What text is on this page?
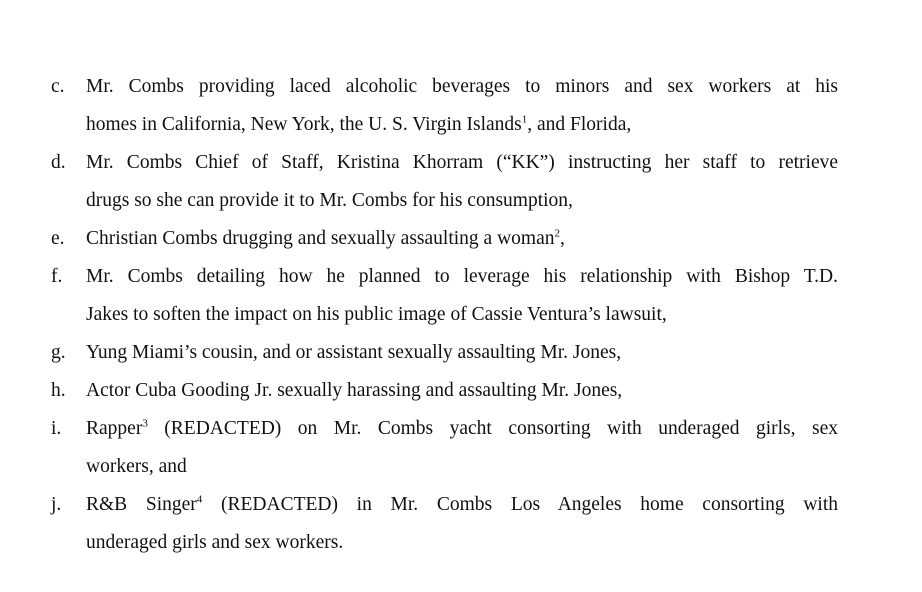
c. Mr. Combs providing laced alcoholic beverages to minors and sex workers at his
homes in California, New York, the U. S. Virgin Islands$^1$, and Florida,
d. Mr. Combs Chief of Staff, Kristina Khorram (“KK”) instructing her staff to retrieve
drugs so she can provide it to Mr. Combs for his consumption,
e. Christian Combs drugging and sexually assaulting a woman$^2$,
f. Mr. Combs detailing how he planned to leverage his relationship with Bishop T.D.
Jakes to soften the impact on his public image of Cassie Ventura’s lawsuit,
g. Yung Miami’s cousin, and or assistant sexually assaulting Mr. Jones,
h. Actor Cuba Gooding Jr. sexually harassing and assaulting Mr. Jones,
i. Rapper$^3$ (REDACTED) on Mr. Combs yacht consorting with underaged girls, sex
workers, and
j. R&B Singer$^4$ (REDACTED) in Mr. Combs Los Angeles home consorting with
underaged girls and sex workers.
